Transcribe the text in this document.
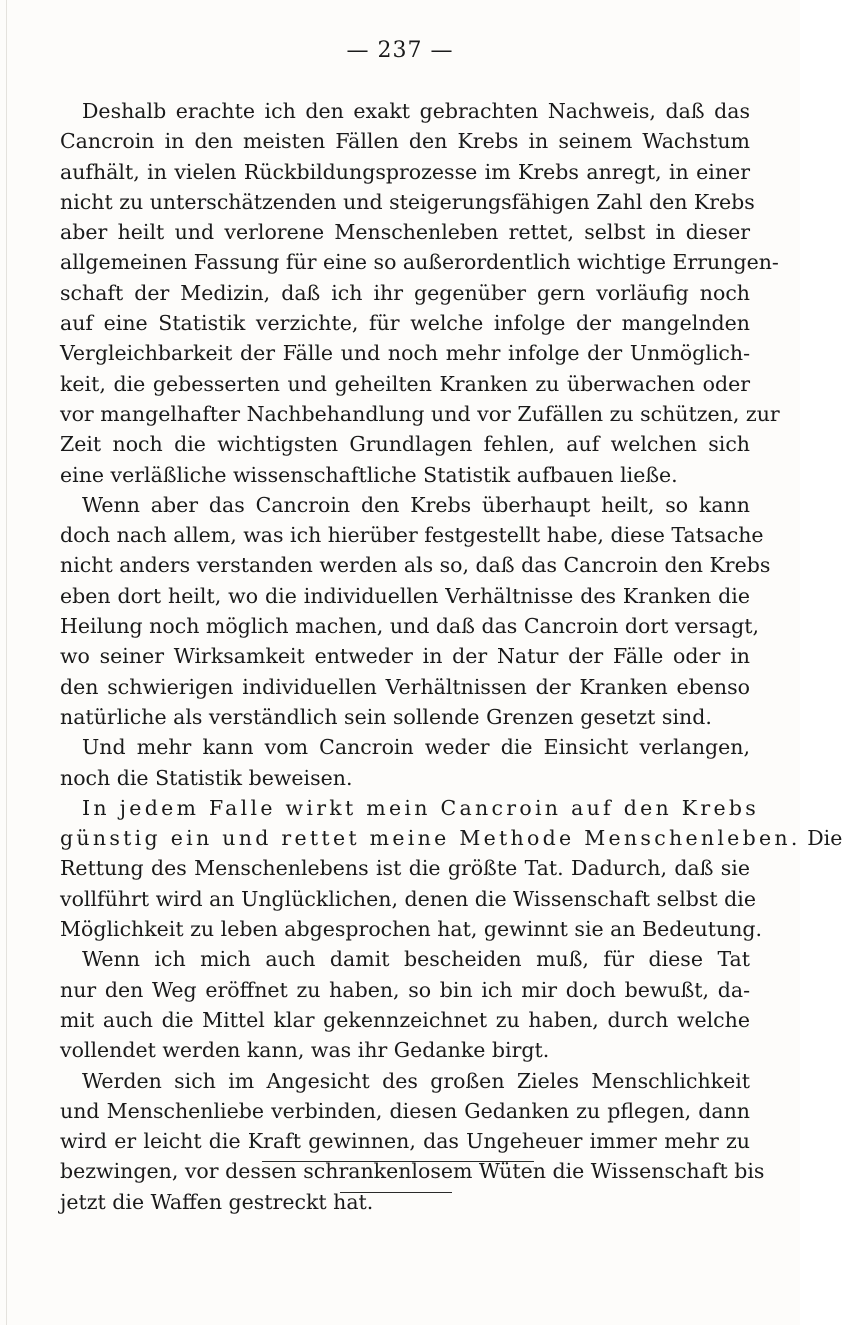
— 237 —
Deshalb erachte ich den exakt gebrachten Nachweis, daß das
Cancroin in den meisten Fällen den Krebs in seinem Wachstum
aufhält, in vielen Rückbildungsprozesse im Krebs anregt, in einer
nicht zu unterschätzenden und steigerungsfähigen Zahl den Krebs
aber heilt und verlorene Menschenleben rettet, selbst in dieser
allgemeinen Fassung für eine so außerordentlich wichtige Errungen-
schaft der Medizin, daß ich ihr gegenüber gern vorläufig noch
auf eine Statistik verzichte, für welche infolge der mangelnden
Vergleichbarkeit der Fälle und noch mehr infolge der Unmöglich-
keit, die gebesserten und geheilten Kranken zu überwachen oder
vor mangelhafter Nachbehandlung und vor Zufällen zu schützen, zur
Zeit noch die wichtigsten Grundlagen fehlen, auf welchen sich
eine verläßliche wissenschaftliche Statistik aufbauen ließe.
Wenn aber das Cancroin den Krebs überhaupt heilt, so kann
doch nach allem, was ich hierüber festgestellt habe, diese Tatsache
nicht anders verstanden werden als so, daß das Cancroin den Krebs
eben dort heilt, wo die individuellen Verhältnisse des Kranken die
Heilung noch möglich machen, und daß das Cancroin dort versagt,
wo seiner Wirksamkeit entweder in der Natur der Fälle oder in
den schwierigen individuellen Verhältnissen der Kranken ebenso
natürliche als verständlich sein sollende Grenzen gesetzt sind.
Und mehr kann vom Cancroin weder die Einsicht verlangen,
noch die Statistik beweisen.
In jedem Falle wirkt mein Cancroin auf den Krebs
günstig ein und rettet meine Methode Menschenleben. Die
Rettung des Menschenlebens ist die größte Tat. Dadurch, daß sie
vollführt wird an Unglücklichen, denen die Wissenschaft selbst die
Möglichkeit zu leben abgesprochen hat, gewinnt sie an Bedeutung.
Wenn ich mich auch damit bescheiden muß, für diese Tat
nur den Weg eröffnet zu haben, so bin ich mir doch bewußt, da-
mit auch die Mittel klar gekennzeichnet zu haben, durch welche
vollendet werden kann, was ihr Gedanke birgt.
Werden sich im Angesicht des großen Zieles Menschlichkeit
und Menschenliebe verbinden, diesen Gedanken zu pflegen, dann
wird er leicht die Kraft gewinnen, das Ungeheuer immer mehr zu
bezwingen, vor dessen schrankenlosem Wüten die Wissenschaft bis
jetzt die Waffen gestreckt hat.
